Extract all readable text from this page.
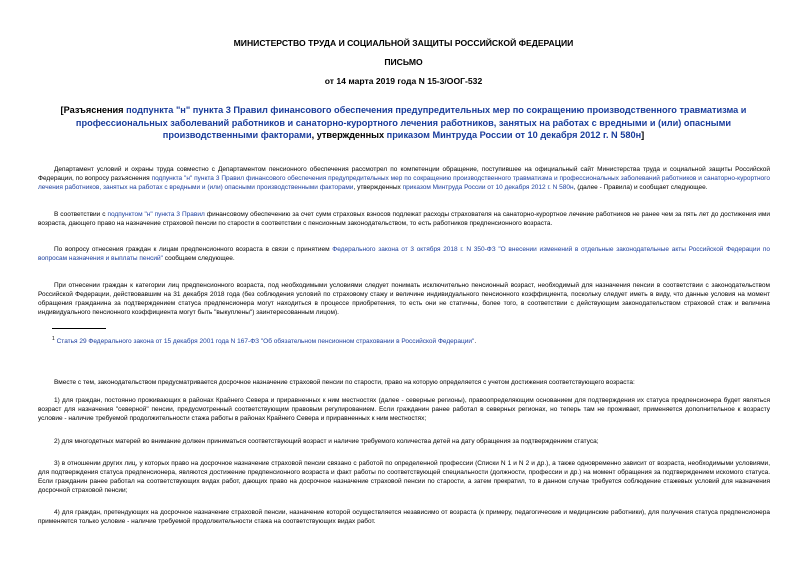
МИНИСТЕРСТВО ТРУДА И СОЦИАЛЬНОЙ ЗАЩИТЫ РОССИЙСКОЙ ФЕДЕРАЦИИ
ПИСЬМО
от 14 марта 2019 года N 15-3/ООГ-532
[Разъяснения подпункта "н" пункта 3 Правил финансового обеспечения предупредительных мер по сокращению производственного травматизма и профессиональных заболеваний работников и санаторно-курортного лечения работников, занятых на работах с вредными и (или) опасными производственными факторами, утвержденных приказом Минтруда России от 10 декабря 2012 г. N 580н]

Департамент условий и охраны труда совместно с Департаментом пенсионного обеспечения рассмотрел по компетенции обращение, поступившее на официальный сайт Министерства труда и социальной защиты Российской Федерации, по вопросу разъяснения подпункта "н" пункта 3 Правил финансового обеспечения предупредительных мер по сокращению производственного травматизма и профессиональных заболеваний работников и санаторно-курортного лечения работников, занятых на работах с вредными и (или) опасными производственными факторами, утвержденных приказом Минтруда России от 10 декабря 2012 г. N 580н, (далее - Правила) и сообщает следующее.

В соответствии с подпунктом "н" пункта 3 Правил финансовому обеспечению за счет сумм страховых взносов подлежат расходы страхователя на санаторно-курортное лечение работников не ранее чем за пять лет до достижения ими возраста, дающего право на назначение страховой пенсии по старости в соответствии с пенсионным законодательством, то есть работников предпенсионного возраста.

По вопросу отнесения граждан к лицам предпенсионного возраста в связи с принятием Федерального закона от 3 октября 2018 г. N 350-ФЗ "О внесении изменений в отдельные законодательные акты Российской Федерации по вопросам назначения и выплаты пенсий" сообщаем следующее.

При отнесении граждан к категории лиц предпенсионного возраста, под необходимыми условиями следует понимать исключительно пенсионный возраст, необходимый для назначения пенсии в соответствии с законодательством Российской Федерации, действовавшим на 31 декабря 2018 года (без соблюдения условий по страховому стажу и величине индивидуального пенсионного коэффициента, поскольку следует иметь в виду, что данные условия на момент обращения гражданина за подтверждением статуса предпенсионера могут находиться в процессе приобретения, то есть они не статичны, более того, в соответствии с действующим законодательством страховой стаж и величина индивидуального пенсионного коэффициента могут быть "выкуплены") заинтересованным лицом).

$^1$ Статья 29 Федерального закона от 15 декабря 2001 года N 167-ФЗ "Об обязательном пенсионном страховании в Российской Федерации".

Вместе с тем, законодательством предусматривается досрочное назначение страховой пенсии по старости, право на которую определяется с учетом достижения соответствующего возраста:

1) для граждан, постоянно проживающих в районах Крайнего Севера и приравненных к ним местностях (далее - северные регионы), правоопределяющим основанием для подтверждения их статуса предпенсионера будет являться возраст для назначения "северной" пенсии, предусмотренный соответствующим правовым регулированием. Если гражданин ранее работал в северных регионах, но теперь там не проживает, применяется дополнительное к возрасту условие - наличие требуемой продолжительности стажа работы в районах Крайнего Севера и приравненных к ним местностях;

2) для многодетных матерей во внимание должен приниматься соответствующий возраст и наличие требуемого количества детей на дату обращения за подтверждением статуса;

3) в отношении других лиц, у которых право на досрочное назначение страховой пенсии связано с работой по определенной профессии (Списки N 1 и N 2 и др.), а также одновременно зависит от возраста, необходимыми условиями, для подтверждения статуса предпенсионера, являются достижение предпенсионного возраста и факт работы по соответствующей специальности (должности, профессии и др.) на момент обращения за подтверждением искомого статуса. Если гражданин ранее работал на соответствующих видах работ, дающих право на досрочное назначение страховой пенсии по старости, а затем прекратил, то в данном случае требуется соблюдение стажевых условий для назначения досрочной страховой пенсии;

4) для граждан, претендующих на досрочное назначение страховой пенсии, назначение которой осуществляется независимо от возраста (к примеру, педагогические и медицинские работники), для получения статуса предпенсионера применяется только условие - наличие требуемой продолжительности стажа на соответствующих видах работ.
